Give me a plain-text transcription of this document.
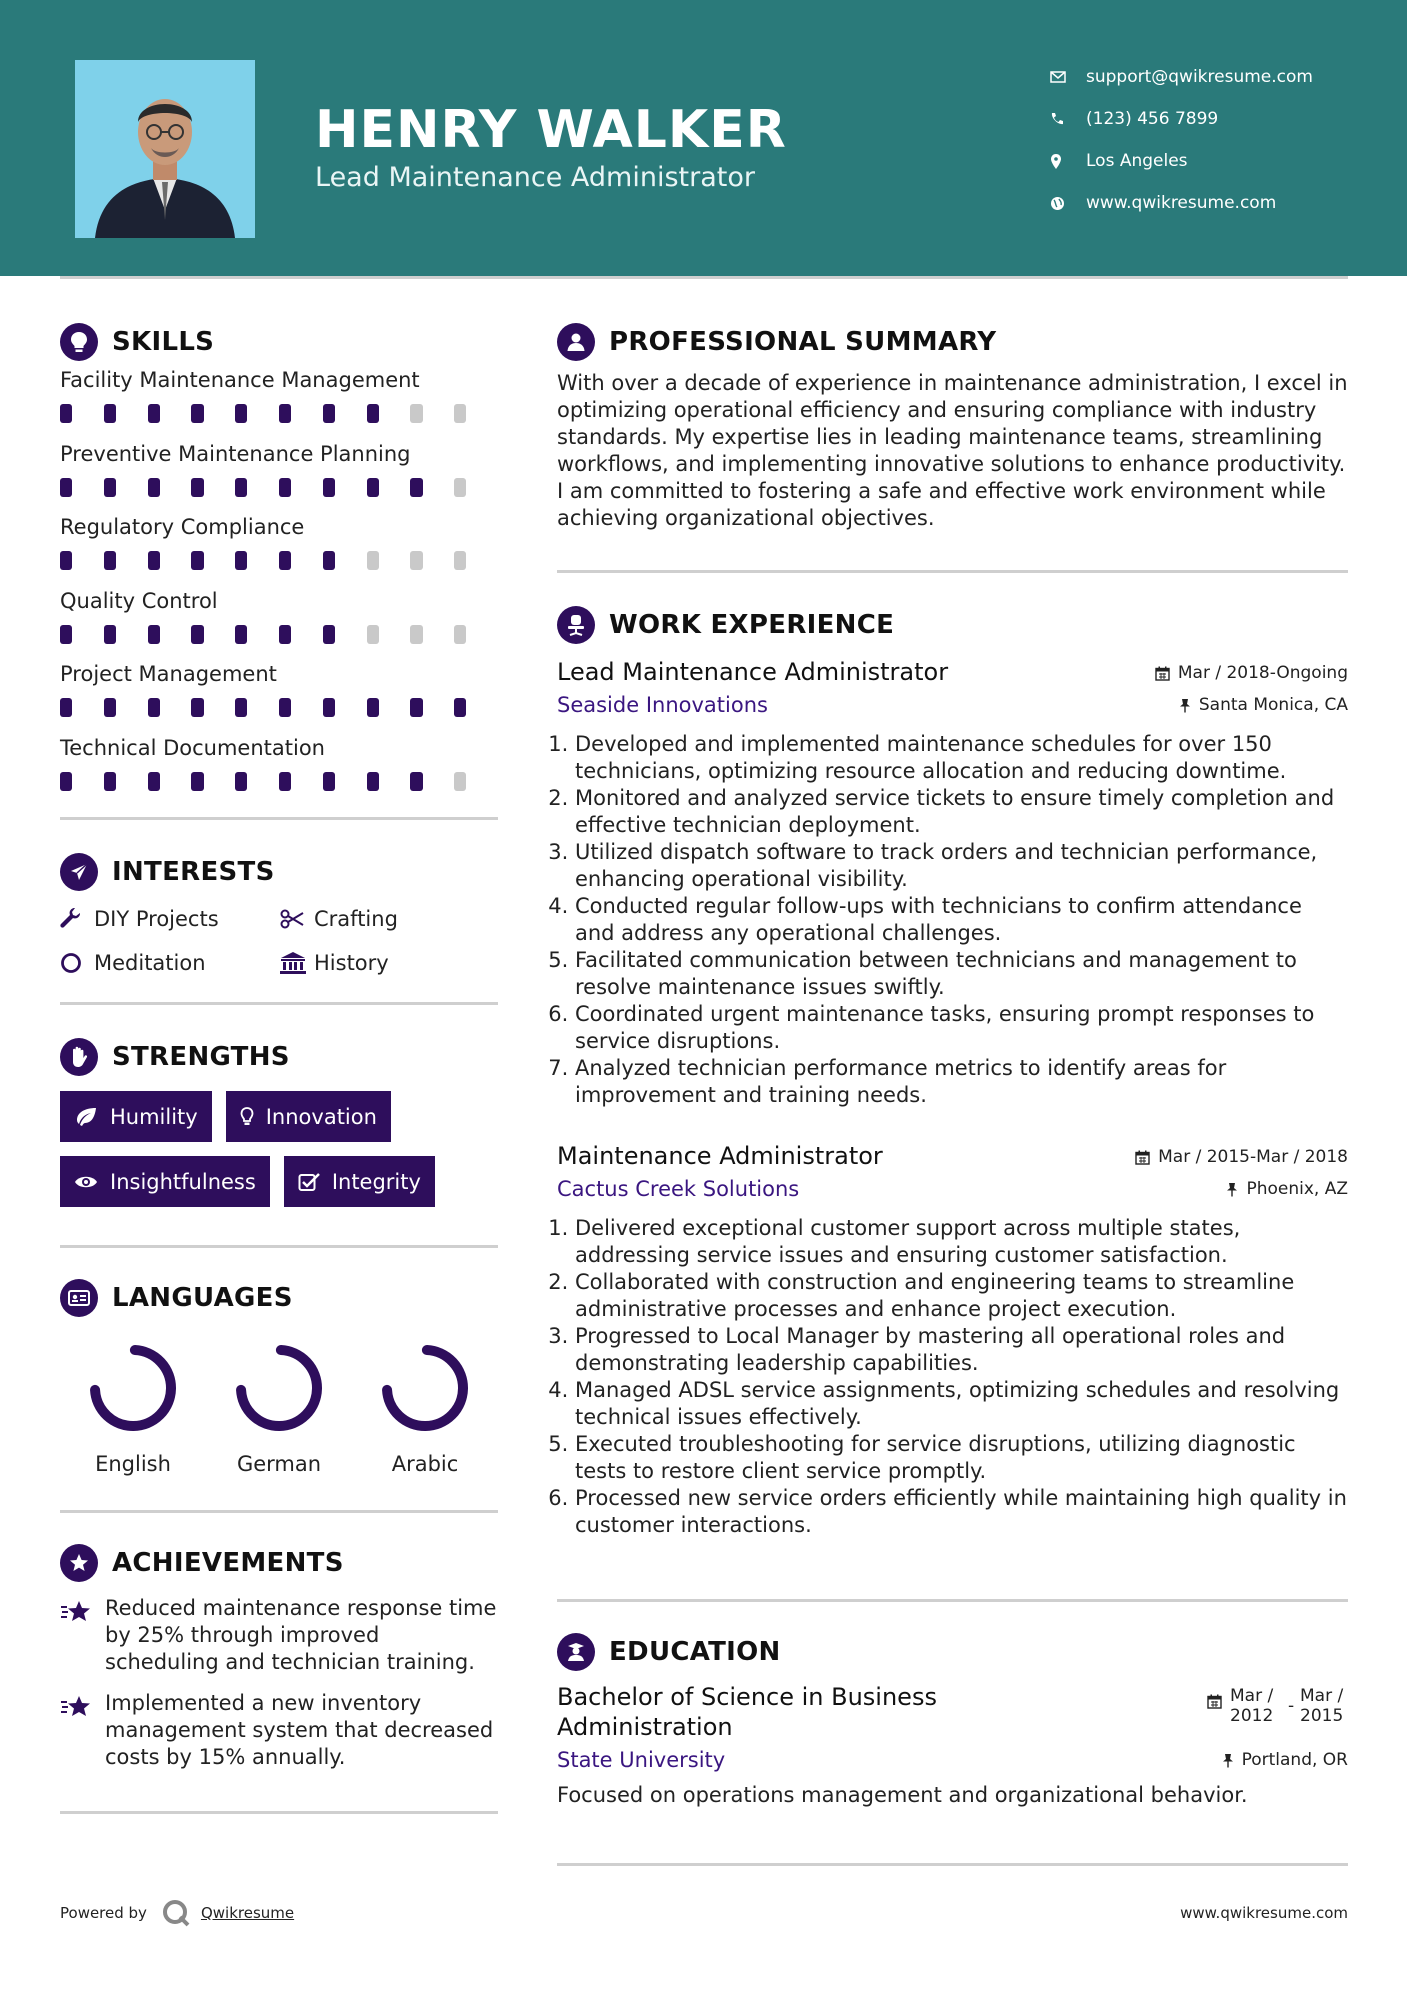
HENRY WALKER
Lead Maintenance Administrator
support@qwikresume.com
(123) 456 7899
Los Angeles
www.qwikresume.com
SKILLS
Facility Maintenance Management
Preventive Maintenance Planning
Regulatory Compliance
Quality Control
Project Management
Technical Documentation
INTERESTS
DIY Projects	Crafting
Meditation	History
STRENGTHS
Humility	Innovation
Insightfulness	Integrity
LANGUAGES
English	German	Arabic
ACHIEVEMENTS
Reduced maintenance response time by 25% through improved scheduling and technician training.
Implemented a new inventory management system that decreased costs by 15% annually.
PROFESSIONAL SUMMARY
With over a decade of experience in maintenance administration, I excel in optimizing operational efficiency and ensuring compliance with industry standards. My expertise lies in leading maintenance teams, streamlining workflows, and implementing innovative solutions to enhance productivity. I am committed to fostering a safe and effective work environment while achieving organizational objectives.
WORK EXPERIENCE
Lead Maintenance Administrator	Mar / 2018-Ongoing
Seaside Innovations	Santa Monica, CA
1. Developed and implemented maintenance schedules for over 150 technicians, optimizing resource allocation and reducing downtime.
2. Monitored and analyzed service tickets to ensure timely completion and effective technician deployment.
3. Utilized dispatch software to track orders and technician performance, enhancing operational visibility.
4. Conducted regular follow-ups with technicians to confirm attendance and address any operational challenges.
5. Facilitated communication between technicians and management to resolve maintenance issues swiftly.
6. Coordinated urgent maintenance tasks, ensuring prompt responses to service disruptions.
7. Analyzed technician performance metrics to identify areas for improvement and training needs.
Maintenance Administrator	Mar / 2015-Mar / 2018
Cactus Creek Solutions	Phoenix, AZ
1. Delivered exceptional customer support across multiple states, addressing service issues and ensuring customer satisfaction.
2. Collaborated with construction and engineering teams to streamline administrative processes and enhance project execution.
3. Progressed to Local Manager by mastering all operational roles and demonstrating leadership capabilities.
4. Managed ADSL service assignments, optimizing schedules and resolving technical issues effectively.
5. Executed troubleshooting for service disruptions, utilizing diagnostic tests to restore client service promptly.
6. Processed new service orders efficiently while maintaining high quality in customer interactions.
EDUCATION
Bachelor of Science in Business Administration
Mar / 2012 - Mar / 2015
State University	Portland, OR
Focused on operations management and organizational behavior.
Powered by	Qwikresume	www.qwikresume.com
